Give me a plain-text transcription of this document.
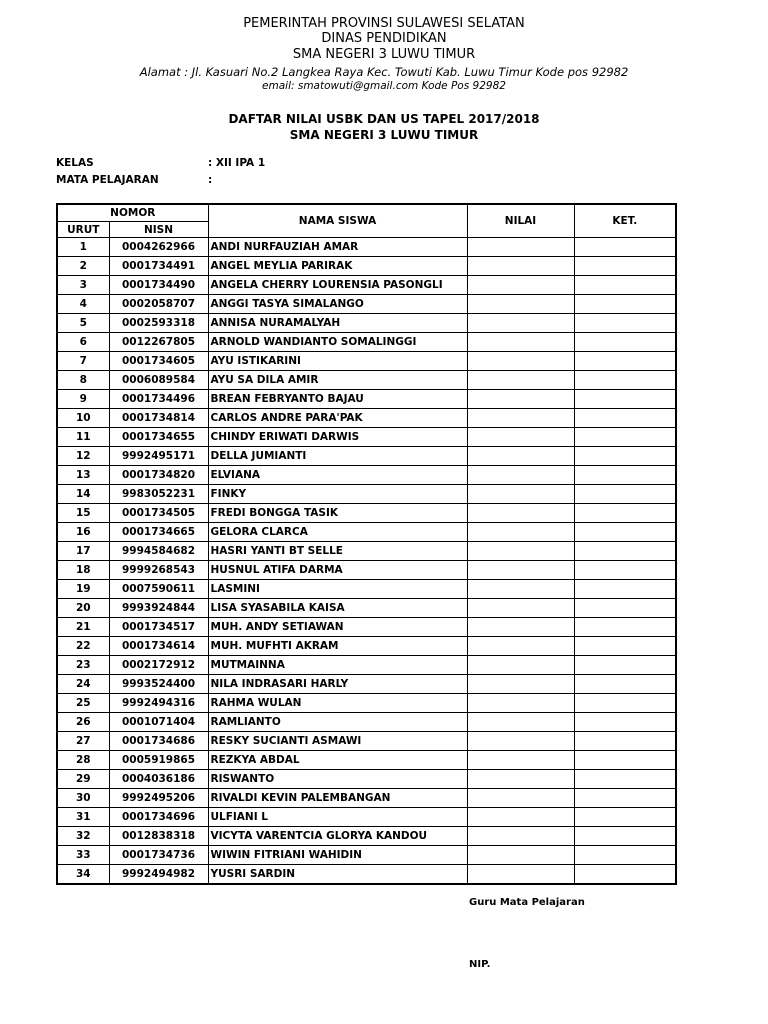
PEMERINTAH PROVINSI SULAWESI SELATAN
DINAS PENDIDIKAN
SMA NEGERI 3 LUWU TIMUR
Alamat : Jl. Kasuari No.2 Langkea Raya Kec. Towuti Kab. Luwu Timur Kode pos 92982
email: smatowuti@gmail.com Kode Pos 92982
DAFTAR NILAI USBK DAN US TAPEL 2017/2018
SMA NEGERI 3 LUWU TIMUR
KELAS	: XII IPA 1
MATA PELAJARAN	:
NOMOR		NAMA SISWA	NILAI	KET.
URUT	NISN			
1	0004262966	ANDI NURFAUZIAH AMAR		
2	0001734491	ANGEL MEYLIA PARIRAK		
3	0001734490	ANGELA CHERRY LOURENSIA PASONGLI		
4	0002058707	ANGGI TASYA SIMALANGO		
5	0002593318	ANNISA NURAMALYAH		
6	0012267805	ARNOLD WANDIANTO SOMALINGGI		
7	0001734605	AYU ISTIKARINI		
8	0006089584	AYU SA DILA AMIR		
9	0001734496	BREAN FEBRYANTO BAJAU		
10	0001734814	CARLOS ANDRE PARA'PAK		
11	0001734655	CHINDY ERIWATI DARWIS		
12	9992495171	DELLA JUMIANTI		
13	0001734820	ELVIANA		
14	9983052231	FINKY		
15	0001734505	FREDI BONGGA TASIK		
16	0001734665	GELORA CLARCA		
17	9994584682	HASRI YANTI BT SELLE		
18	9999268543	HUSNUL ATIFA DARMA		
19	0007590611	LASMINI		
20	9993924844	LISA SYASABILA KAISA		
21	0001734517	MUH. ANDY SETIAWAN		
22	0001734614	MUH. MUFHTI AKRAM		
23	0002172912	MUTMAINNA		
24	9993524400	NILA INDRASARI HARLY		
25	9992494316	RAHMA WULAN		
26	0001071404	RAMLIANTO		
27	0001734686	RESKY SUCIANTI ASMAWI		
28	0005919865	REZKYA ABDAL		
29	0004036186	RISWANTO		
30	9992495206	RIVALDI KEVIN PALEMBANGAN		
31	0001734696	ULFIANI L		
32	0012838318	VICYTA VARENTCIA GLORYA KANDOU		
33	0001734736	WIWIN FITRIANI WAHIDIN		
34	9992494982	YUSRI SARDIN		
Guru Mata Pelajaran
NIP.
